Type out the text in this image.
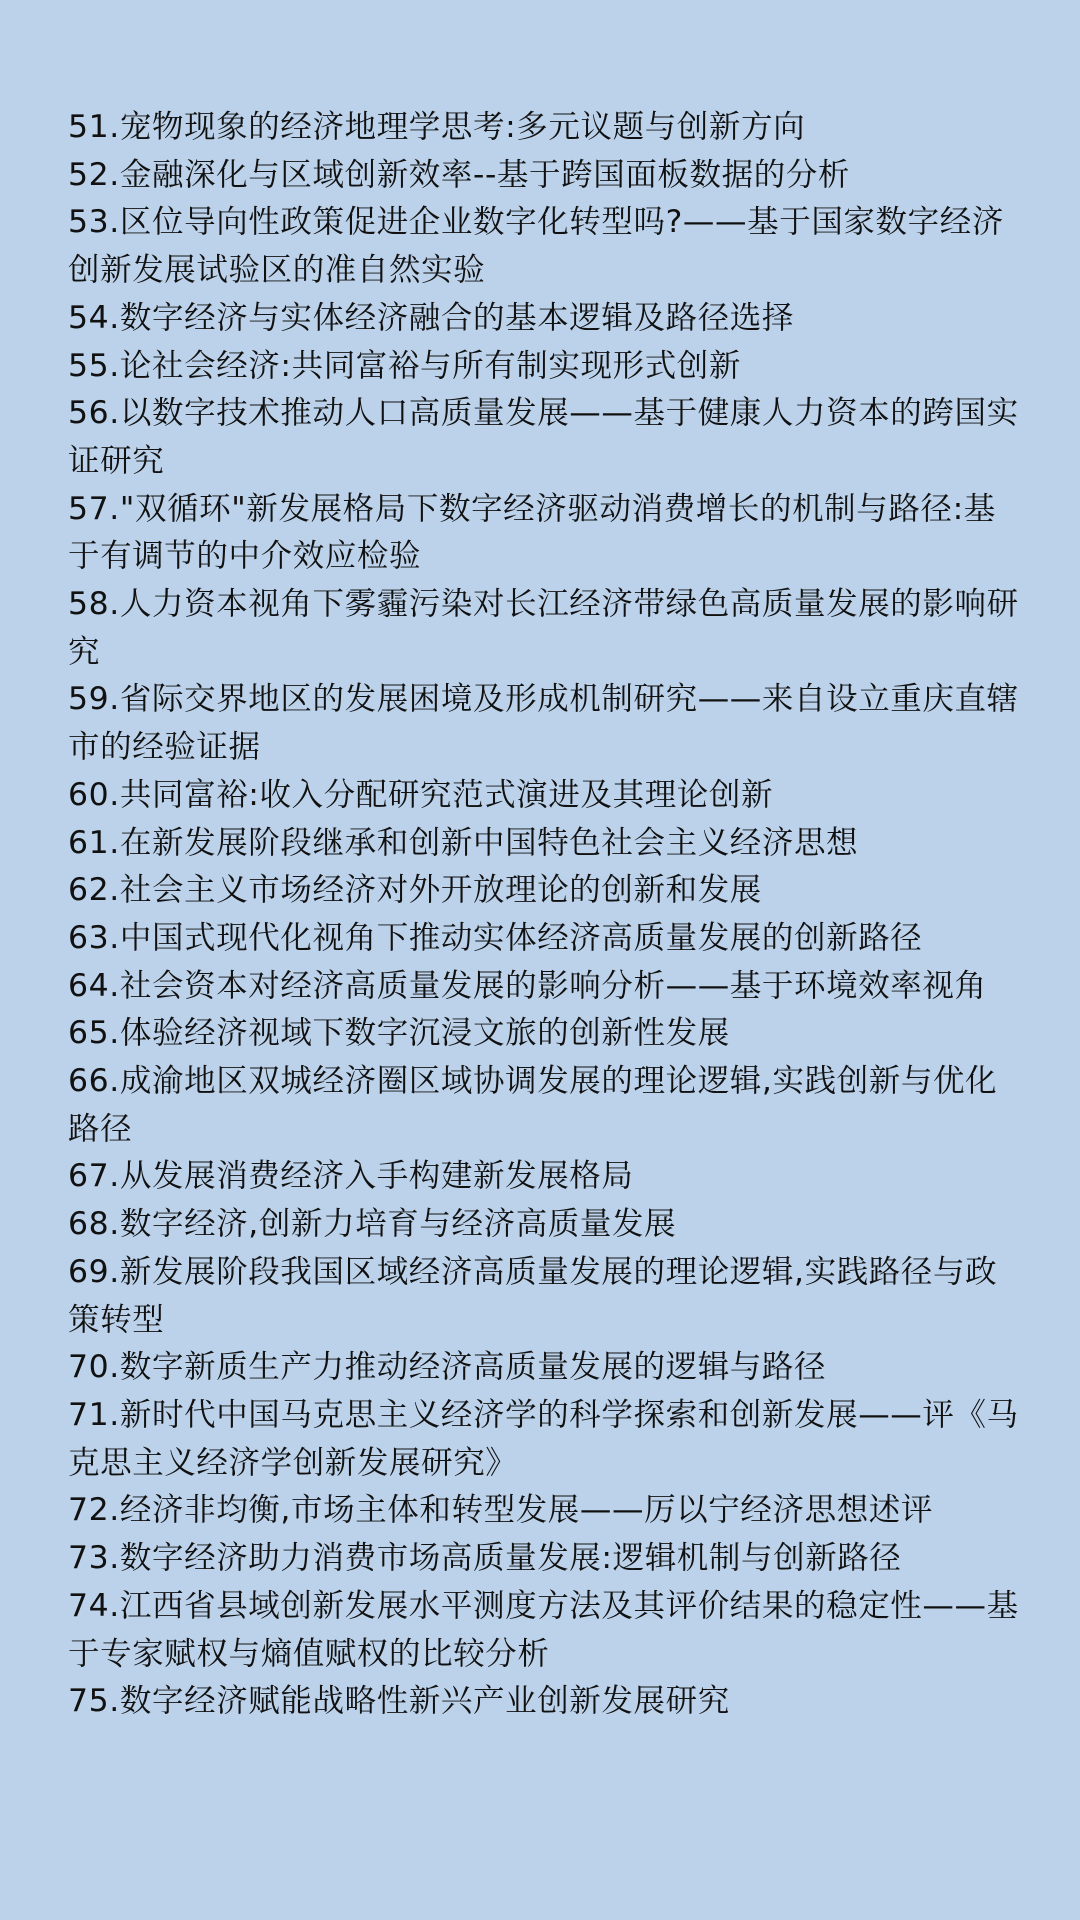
51.宠物现象的经济地理学思考:多元议题与创新方向
52.金融深化与区域创新效率--基于跨国面板数据的分析
53.区位导向性政策促进企业数字化转型吗?——基于国家数字经济创新发展试验区的准自然实验
54.数字经济与实体经济融合的基本逻辑及路径选择
55.论社会经济:共同富裕与所有制实现形式创新
56.以数字技术推动人口高质量发展——基于健康人力资本的跨国实证研究
57."双循环"新发展格局下数字经济驱动消费增长的机制与路径:基于有调节的中介效应检验
58.人力资本视角下雾霾污染对长江经济带绿色高质量发展的影响研究
59.省际交界地区的发展困境及形成机制研究——来自设立重庆直辖市的经验证据
60.共同富裕:收入分配研究范式演进及其理论创新
61.在新发展阶段继承和创新中国特色社会主义经济思想
62.社会主义市场经济对外开放理论的创新和发展
63.中国式现代化视角下推动实体经济高质量发展的创新路径
64.社会资本对经济高质量发展的影响分析——基于环境效率视角
65.体验经济视域下数字沉浸文旅的创新性发展
66.成渝地区双城经济圈区域协调发展的理论逻辑,实践创新与优化路径
67.从发展消费经济入手构建新发展格局
68.数字经济,创新力培育与经济高质量发展
69.新发展阶段我国区域经济高质量发展的理论逻辑,实践路径与政策转型
70.数字新质生产力推动经济高质量发展的逻辑与路径
71.新时代中国马克思主义经济学的科学探索和创新发展——评《马克思主义经济学创新发展研究》
72.经济非均衡,市场主体和转型发展——厉以宁经济思想述评
73.数字经济助力消费市场高质量发展:逻辑机制与创新路径
74.江西省县域创新发展水平测度方法及其评价结果的稳定性——基于专家赋权与熵值赋权的比较分析
75.数字经济赋能战略性新兴产业创新发展研究
